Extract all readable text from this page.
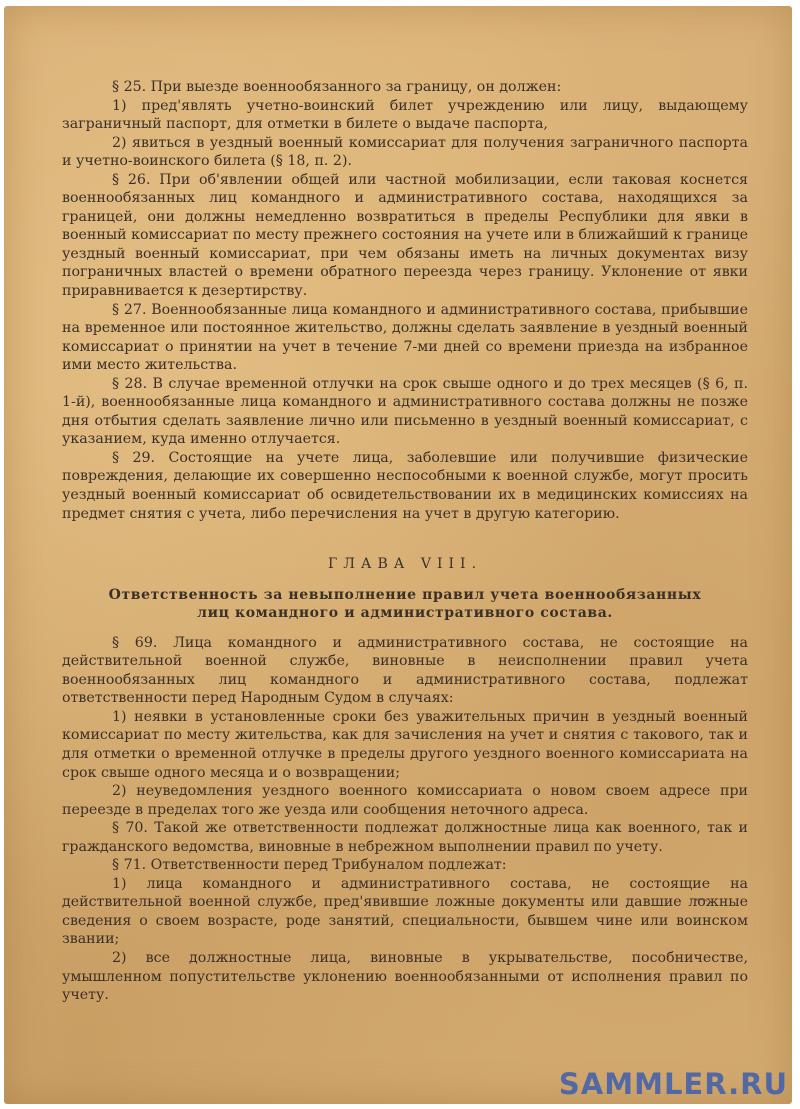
§ 25. При выезде военнообязанного за границу, он должен:

1) пред'являть учетно-воинский билет учреждению или лицу, выдающему заграничный паспорт, для отметки в билете о выдаче паспорта,

2) явиться в уездный военный комиссариат для получения заграничного паспорта и учетно-воинского билета (§ 18, п. 2).

§ 26. При об'явлении общей или частной мобилизации, если таковая коснется военнообязанных лиц командного и административного состава, находящихся за границей, они должны немедленно возвратиться в пределы Республики для явки в военный комиссариат по месту прежнего состояния на учете или в ближайший к границе уездный военный комиссариат, при чем обязаны иметь на личных документах визу пограничных властей о времени обратного переезда через границу. Уклонение от явки приравнивается к дезертирству.

§ 27. Военнообязанные лица командного и административного состава, прибывшие на временное или постоянное жительство, должны сделать заявление в уездный военный комиссариат о принятии на учет в течение 7-ми дней со времени приезда на избранное ими место жительства.

§ 28. В случае временной отлучки на срок свыше одного и до трех месяцев (§ 6, п. 1-й), военнообязанные лица командного и административного состава должны не позже дня отбытия сделать заявление лично или письменно в уездный военный комиссариат, с указанием, куда именно отлучается.

§ 29. Состоящие на учете лица, заболевшие или получившие физические повреждения, делающие их совершенно неспособными к военной службе, могут просить уездный военный комиссариат об освидетельствовании их в медицинских комиссиях на предмет снятия с учета, либо перечисления на учет в другую категорию.

ГЛАВА VIII.
Ответственность за невыполнение правил учета военнообязанных
лиц командного и административного состава.

§ 69. Лица командного и административного состава, не состоящие на действительной военной службе, виновные в неисполнении правил учета военнообязанных лиц командного и административного состава, подлежат ответственности перед Народным Судом в случаях:

1) неявки в установленные сроки без уважительных причин в уездный военный комиссариат по месту жительства, как для зачисления на учет и снятия с такового, так и для отметки о временной отлучке в пределы другого уездного военного комиссариата на срок свыше одного месяца и о возвращении;

2) неуведомления уездного военного комиссариата о новом своем адресе при переезде в пределах того же уезда или сообщения неточного адреса.

§ 70. Такой же ответственности подлежат должностные лица как военного, так и гражданского ведомства, виновные в небрежном выполнении правил по учету.

§ 71. Ответственности перед Трибуналом подлежат:

1) лица командного и административного состава, не состоящие на действительной военной службе, пред'явившие ложные документы или давшие ложные сведения о своем возрасте, роде занятий, специальности, бывшем чине или воинском звании;

2) все должностные лица, виновные в укрывательстве, пособничестве, умышленном попустительстве уклонению военнообязанными от исполнения правил по учету.

SAMMLER.RU
